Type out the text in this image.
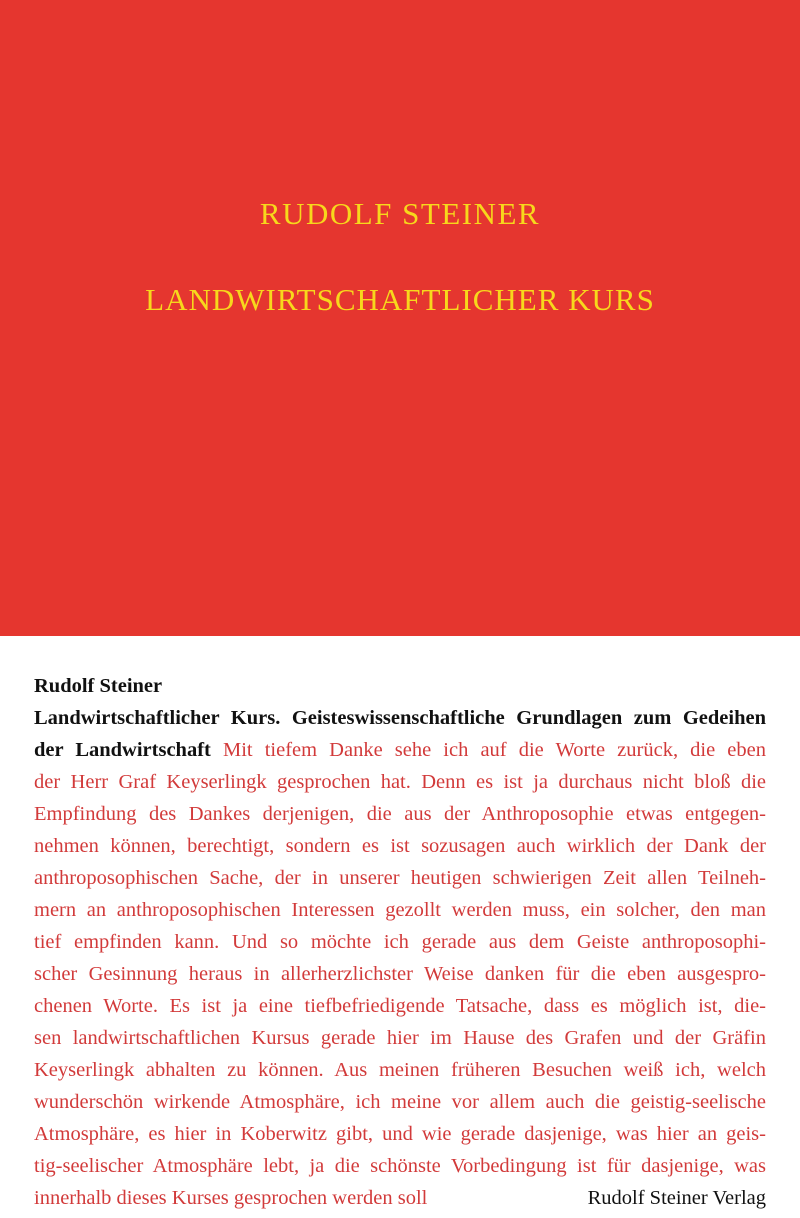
RUDOLF STEINER
LANDWIRTSCHAFTLICHER KURS
Rudolf Steiner
Landwirtschaftlicher Kurs. Geisteswissenschaftliche Grundlagen zum Gedeihen
der Landwirtschaft Mit tiefem Danke sehe ich auf die Worte zurück, die eben
der Herr Graf Keyserlingk gesprochen hat. Denn es ist ja durchaus nicht bloß die
Empfindung des Dankes derjenigen, die aus der Anthroposophie etwas entgegen-
nehmen können, berechtigt, sondern es ist sozusagen auch wirklich der Dank der
anthroposophischen Sache, der in unserer heutigen schwierigen Zeit allen Teilneh-
mern an anthroposophischen Interessen gezollt werden muss, ein solcher, den man
tief empfinden kann. Und so möchte ich gerade aus dem Geiste anthroposophi-
scher Gesinnung heraus in allerherzlichster Weise danken für die eben ausgespro-
chenen Worte. Es ist ja eine tiefbefriedigende Tatsache, dass es möglich ist, die-
sen landwirtschaftlichen Kursus gerade hier im Hause des Grafen und der Gräfin
Keyserlingk abhalten zu können. Aus meinen früheren Besuchen weiß ich, welch
wunderschön wirkende Atmosphäre, ich meine vor allem auch die geistig-seelische
Atmosphäre, es hier in Koberwitz gibt, und wie gerade dasjenige, was hier an geis-
tig-seelischer Atmosphäre lebt, ja die schönste Vorbedingung ist für dasjenige, was
innerhalb dieses Kurses gesprochen werden soll	Rudolf Steiner Verlag
